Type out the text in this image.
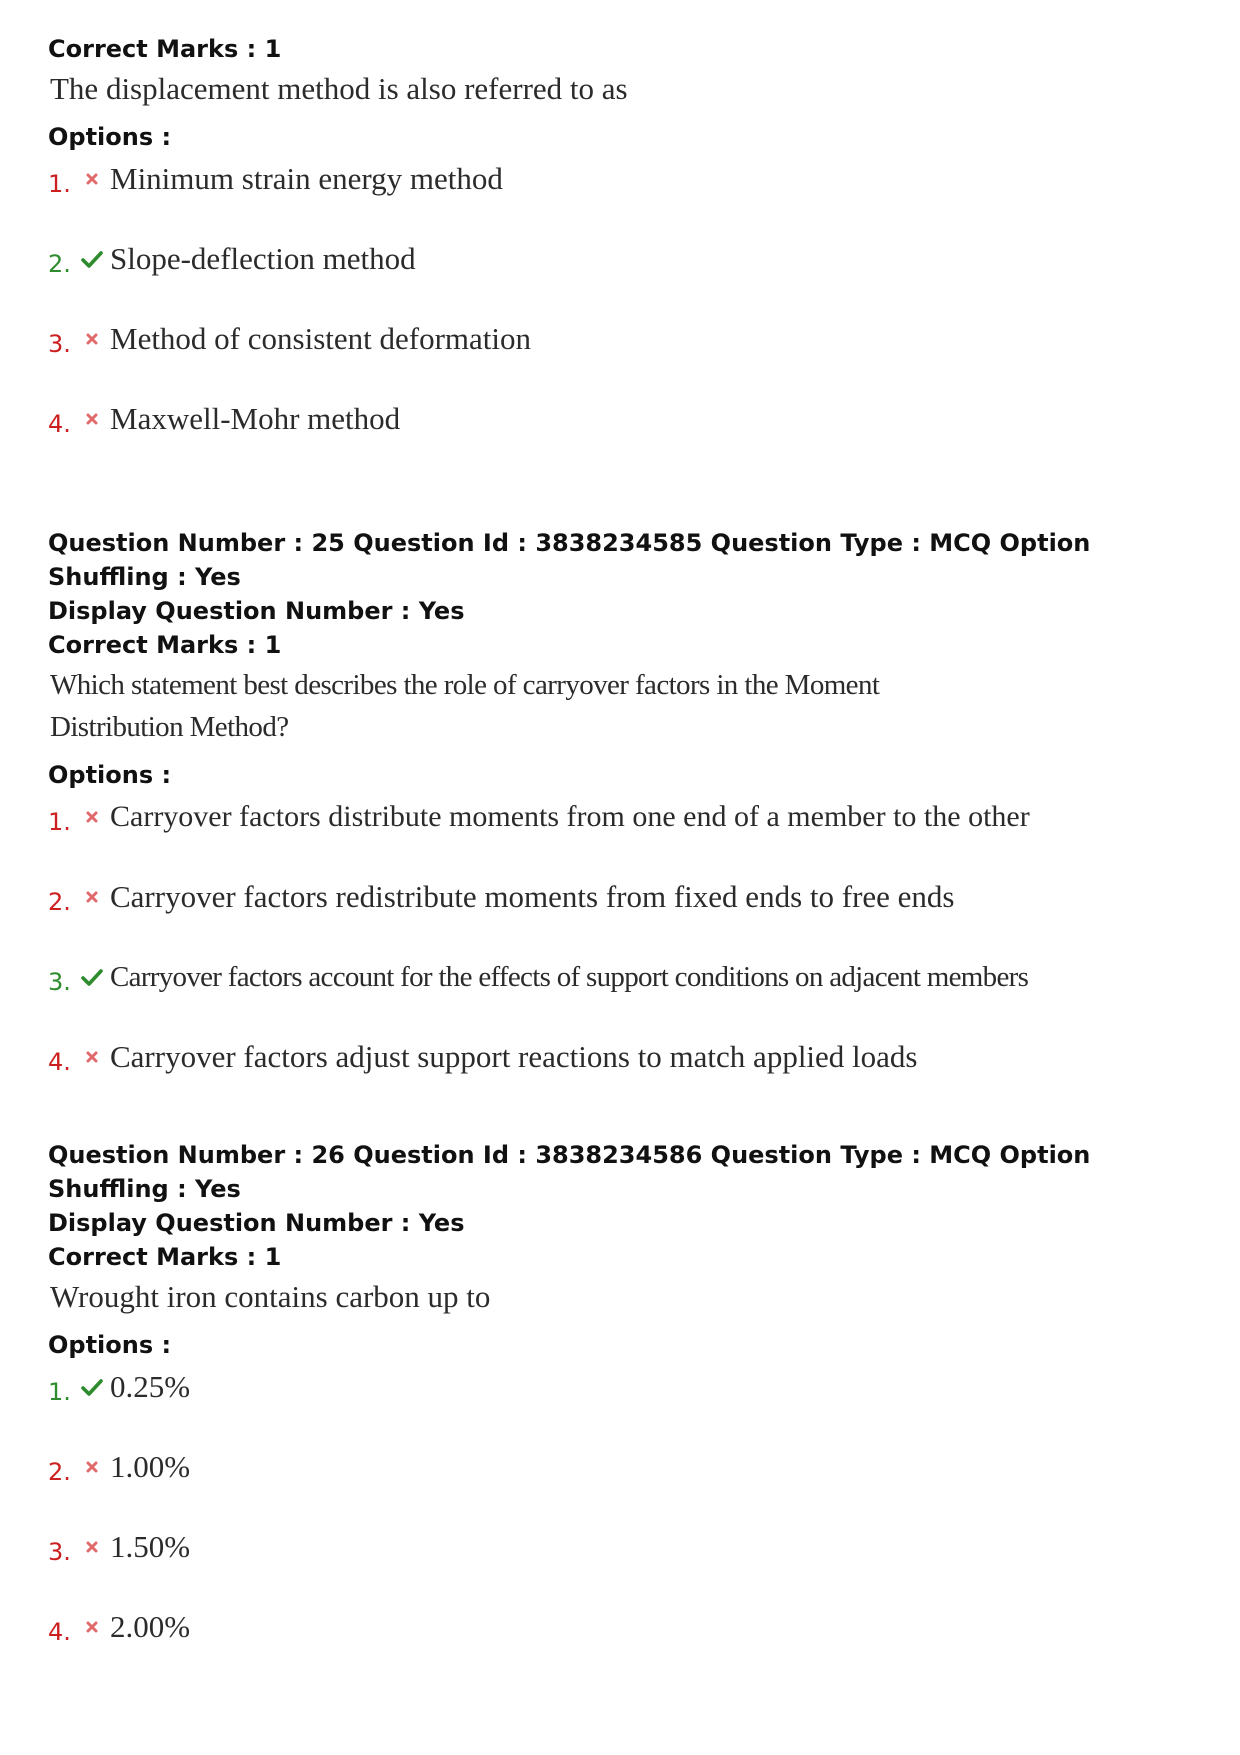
Correct Marks : 1
The displacement method is also referred to as
Options :
1. Minimum strain energy method
2. Slope-deflection method
3. Method of consistent deformation
4. Maxwell-Mohr method
Question Number : 25 Question Id : 3838234585 Question Type : MCQ Option Shuffling : Yes
Display Question Number : Yes
Correct Marks : 1
Which statement best describes the role of carryover factors in the Moment Distribution Method?
Options :
1. Carryover factors distribute moments from one end of a member to the other
2. Carryover factors redistribute moments from fixed ends to free ends
3. Carryover factors account for the effects of support conditions on adjacent members
4. Carryover factors adjust support reactions to match applied loads
Question Number : 26 Question Id : 3838234586 Question Type : MCQ Option Shuffling : Yes
Display Question Number : Yes
Correct Marks : 1
Wrought iron contains carbon up to
Options :
1. 0.25%
2. 1.00%
3. 1.50%
4. 2.00%
